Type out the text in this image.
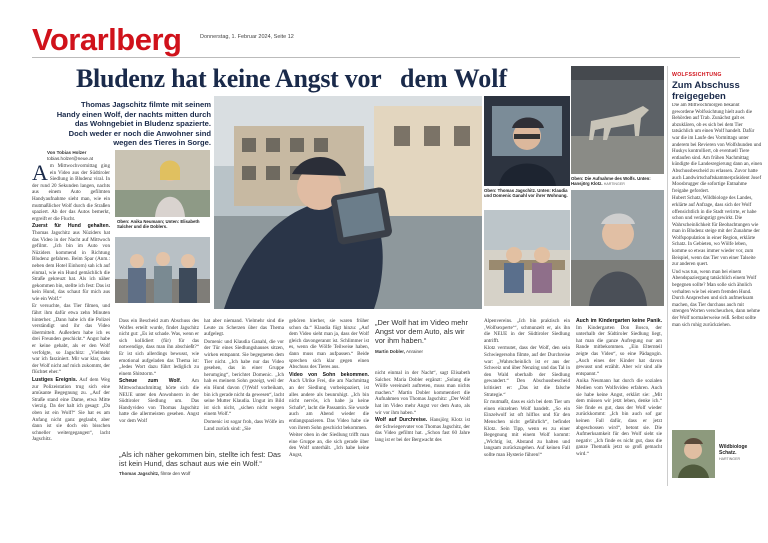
Vorarlberg	Donnerstag, 1. Februar 2024, Seite 12
Bludenz hat keine Angst vor dem Wolf
Thomas Jagschitz filmte mit seinem Handy einen Wolf, der nachts mitten durch das Wohngebiet in Bludenz spazierte. Doch weder er noch die Anwohner sind wegen des Tieres in Sorge.
Von Tobias Holzer
tobias.holzer@neue.at

Am Mittwochvormittag ging ein Video aus der Südtiroler Siedlung in Bludenz viral. In der rund 20 Sekunden langen, nachts aus einem Auto gefilmten Handyaufnahme sieht man, wie ein mutmaßlicher Wolf durch die Straßen spaziert. Ab der das Autos bemerkt, ergreift er die Flucht.

Zuerst für Hund gehalten. Thomas Jagschitz aus Nüziders hat das Video in der Nacht auf Mittwoch gefilmt. „Ich bin im Auto von Nüziders kommend in Richtung Bludenz gefahren. Beim Spar (Anm.: neben dem Hotel Einhorn) sah ich auf einmal, wie ein Hund gemächlich die Straße gekreuzt hat. Als ich näher gekommen bin, stellte ich fest: Das ist kein Hund, das schaut für mich aus wie ein Wolf.“

Er versuchte, das Tier filmen, und fährt ihm dafür etwa zehn Minuten hinterher. „Dann habe ich die Polizei verständigt und ihr das Video übermittelt. Außerdem habe ich es drei Freunden geschickt.“ Angst habe er keine gehabt, als er den Wolf verfolgte, so Jagschitz: „Vielmehr war ich fasziniert. Mir war klar, dass der Wolf nicht auf mich zukommt, der flüchtet eher.“

Lustiges Ereignis. Auf dem Weg zur Polizeistation trug sich eine amüsante Begegnung zu. „Auf der Straße stand eine Dame, etwa Mitte vierzig. Da der halt ich gesagt: „Da oben ist ein Wolf!“ Sie hat es am Anfang nicht ganz geglaubt, aber dann ist sie doch ein bisschen schneller weitergegangen“, lacht Jagschitz.

Oben: Anika Neumann; Unten: Elisabeth Salcher und die Doblers.

Dass ein Bescheid zum Abschuss des Wolfes erteilt wurde, findet Jagschitz nicht gut: „Es ist schade. Was, wenn er sich kollidiert (für) für das notwendige, dass man ihn abschießt?“ Er ist sich allerdings bewusst, wie emotional aufgeladen das Thema ist: „Jedes Wort dazu führt lediglich zu einem Shitstorm.“

Scheue zum Wolf. Am Mittwochnachmittag hörte sich die NEUE unter den Anwohnern in der Südtiroler Siedlung um. Das Handyvideo von Thomas Jagschitz hatte die allermeisten gesehen. Angst vor dem Wolf

hat aber niemand. Vielmehr sind die Leute zu Scherzen über das Thema aufgelegt.

Domenic und Klaudia Ganahl, die vor der Tür eines Siedlungshauses sitzen, wirken entspannt. Sie begegneten dem Tier nicht. „Ich habe nur das Video gesehen, das in einer Gruppe herumging“, berichtet Domenic. „Ich hab es meinem Sohn gezeigt, weil der ein Hund davon (?)Wolf vorbeikam, bin ich gerade nicht da gewesen“, lacht seine Mutter Klaudia. Ungut im Bild ist sich nicht, „sichen nicht wegen einem Wolf.“

Domenic ist sogar froh, dass Wölfe im Land zurück sind: „Sie

„Als ich näher gekommen bin, stellte ich fest: Das ist kein Hund, das schaut aus wie ein Wolf.“
Thomas Jagschitz, filmte den Wolf

gehören hierher, sie waren früher schon da.“ Klaudia fügt hinzu: „Auf dem Video sieht man ja, dass der Wolf gleich davongerannt ist. Schlimmer ist es, wenn die Wölfe Teilweise haben, dann muss man aufpassen.“ Beide sprechen sich klar gegen einen Abschuss des Tieres aus.

Video von Sohn bekommen. Auch Ulrike Frei, die am Nachmittag an der Siedlung vorbeispaziert, ist alles andere als beunruhigt. „Ich bin nicht nervös, ich habe ja keine Schafe“, lacht die Passantin. Sie wurde auch am Abend wieder die entlangspazieren. Das Video habe sie von ihrem Sohn geschickt bekommen.

Weiter oben in der Siedlung trifft man eine Gruppe an, die sich gerade über den Wolf unterhält. „Ich habe keine Angst,

„Der Wolf hat im Video mehr Angst vor dem Auto, als wir vor ihm haben.“
Martin Dobler, Anrainer

nicht einmal in der Nacht“, sagt Elisabeth Salcher. Maria Dobler ergänzt: „Solang die Wölfe vereinzelt auftreten, muss man nichts machen.“ Martin Dobler kommentiert die Aufnahmen von Thomas Jagschitz: „Der Wolf hat im Video mehr Angst vor dem Auto, als wir vor ihm haben.“

Wolf auf Durchreise. Hansjörg Klotz ist der Schwiegervater von Thomas Jagschitz, der das Video gefilmt hat. „Schon fast 60 Jahre lang ist er bei der Bergwacht des

Oben: Die Aufnahme des Wolfs. Unten: Hansjörg Klotz. HARTINGER
Oben: Thomas Jagschitz. Unten: Klaudia und Domenic Ganahl vor ihrer Wohnung.

Alpenvereins. „Ich bin praktisch ein ‚Wolfsexperte‘“, schmunzelt er, als ihn die NEUE in der Südtiroler Siedlung antrifft.

Klotz vermutet, dass der Wolf, den sein Schwiegersohn filmte, auf der Durchreise war: „Wahrscheinlich ist er aus der Schweiz und über Nenzing und das Tal in den Wald oberhalb der Siedlung gewandert.“ Den Abschussbescheid kritisiert er: „Das ist die falsche Strategie.“

Er mutmaßt, dass es sich bei dem Tier um einen einzelnen Wolf handelt. „So ein Einzelwolf ist oft hilflos und für den Menschen nicht gefährlich“, befindet Klotz. Sein Tipp, wenn es zu einer Begegnung mit einem Wolf kommt: „Wichtig ist, Abstand zu halten und langsam zurückzugehen. Auf keinen Fall sollte man Hysterie führen!“

Auch im Kindergarten keine Panik. Im Kindergarten Don Bosco, der unterhalb der Südtiroler Siedlung liegt, hat man die ganze Aufregung nur am Rande mitbekommen. „Ein Elternteil zeigte das Video“, so eine Pädagogin. „Auch eines der Kinder hat davon gewusst und erzählt. Aber wir sind alle entspannt.“

Anika Neumann hat durch die sozialen Medien vom Wolfsvideo erfahren. Auch sie habe keine Angst, erklärt sie: „Mit dem müssen wir jetzt leben, denke ich.“ Sie finde es gut, dass der Wolf wieder zurückkommt: „Ich bin auch sof gar keinen Fall dafür, dass er jetzt abgeschossen wird“, betont sie. Die Aufmerksamkeit für den Wolf sieht sie negativ: „Ich finde es nicht gut, dass die ganze Thematik jetzt so groß gemacht wird.“

WOLFSSICHTUNG
Zum Abschuss freigegeben

Die am Mittwochmorgen bekannt gewordene Wolfssichtung hielt auch die Behörden auf Trab. Zunächst galt es abzuklären, ob es sich bei dem Tier tatsächlich um einen Wolf handelt. Dafür war die im Laufe des Vormittags unter anderem bei Revieren von Wolfshunden und Huskys kontrolliert, ob eventuell Tiere entlaufen sind. Am frühen Nachmittag kündigte die Landesregierung dann an, einen Abschussbescheid zu erlassen. Zuvor hatte auch Landwirtschaftskammerpräsident Josef Moosbrugger die sofortige Entnahme freigabe gefordert.

Hubert Schatz, Wildbiologe des Landes, erklärte auf Anfrage, dass sich der Wolf offensichtlich in die Stadt verirrte, er habe schon und verängstigt gewirkt. Die Wahrscheinlichkeit für Beobachtungen wie man in Bludenz steige mit der Zunahme der Wolfspopulation in einer Region, erklärte Schatz. In Gebieten, wo Wölfe leben, komme so etwas immer wieder vor, zum Beispiel, wenn das Tier von einer Talseite zur anderen quert.

Und was tun, wenn man bei einem Abendspaziergang tatsächlich einem Wolf begegnen sollte? Man solle sich ähnlich verhalten wie bei einem fremden Hund. Durch Ansprechen und sich aufmerksam machen, das Tier durchaus auch mit strengen Worten verscheuchen, dann nehme der Wolf normalerweise reiß. Selbst sollte man sich ruhig zurückziehen.

Wildbiologe Schatz.
HARTINGER
